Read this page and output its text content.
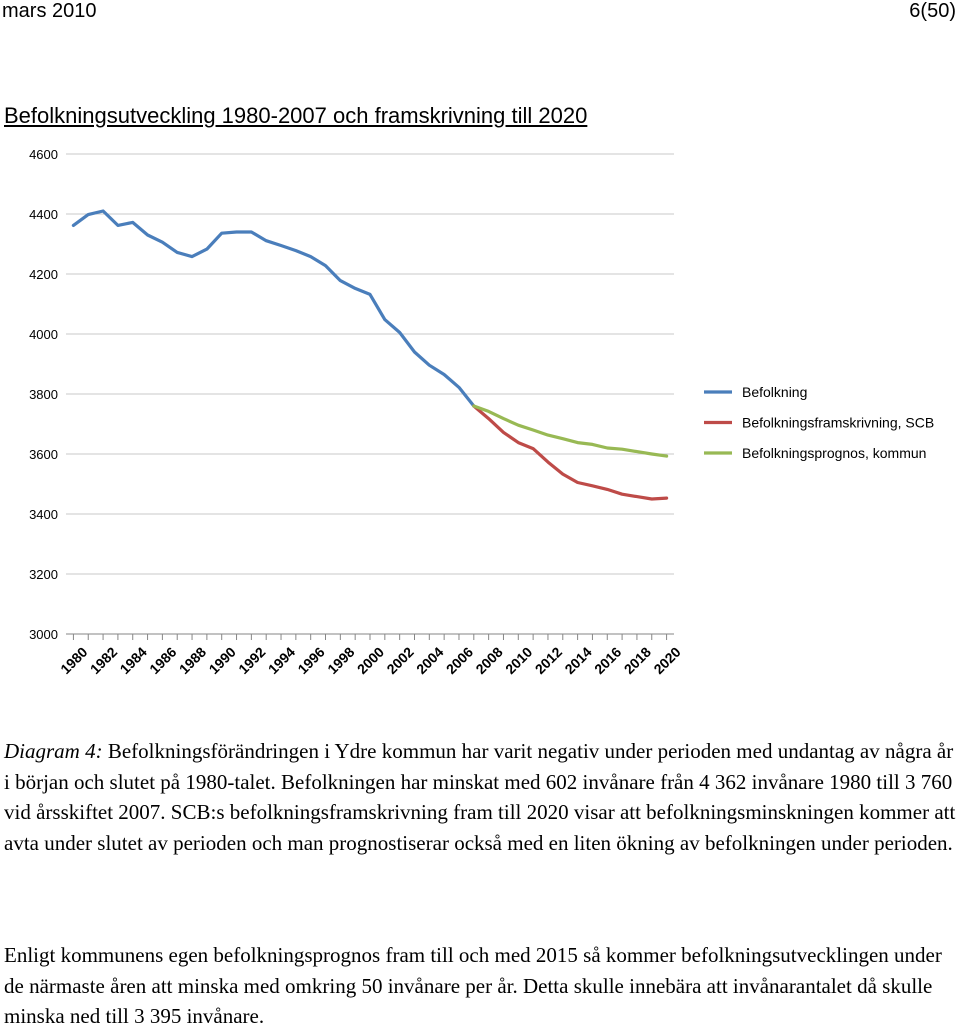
mars 2010	6(50)
Befolkningsutveckling 1980-2007 och framskrivning till 2020
4600
4400
4200
4000
3800
3600
3400
3200
3000
1980
1982
1984
1986
1988
1990
1992
1994
1996
1998
2000
2002
2004
2006
2008
2010
2012
2014
2016
2018
2020
Befolkning
Befolkningsframskrivning, SCB
Befolkningsprognos, kommun

Diagram 4: Befolkningsförändringen i Ydre kommun har varit negativ under perioden med undantag av några år i början och slutet på 1980-talet. Befolkningen har minskat med 602 invånare från 4 362 invånare 1980 till 3 760 vid årsskiftet 2007. SCB:s befolkningsframskrivning fram till 2020 visar att befolkningsminskningen kommer att avta under slutet av perioden och man prognostiserar också med en liten ökning av befolkningen under perioden.

Enligt kommunens egen befolkningsprognos fram till och med 2015 så kommer befolkningsutvecklingen under de närmaste åren att minska med omkring 50 invånare per år. Detta skulle innebära att invånarantalet då skulle minska ned till 3 395 invånare.
